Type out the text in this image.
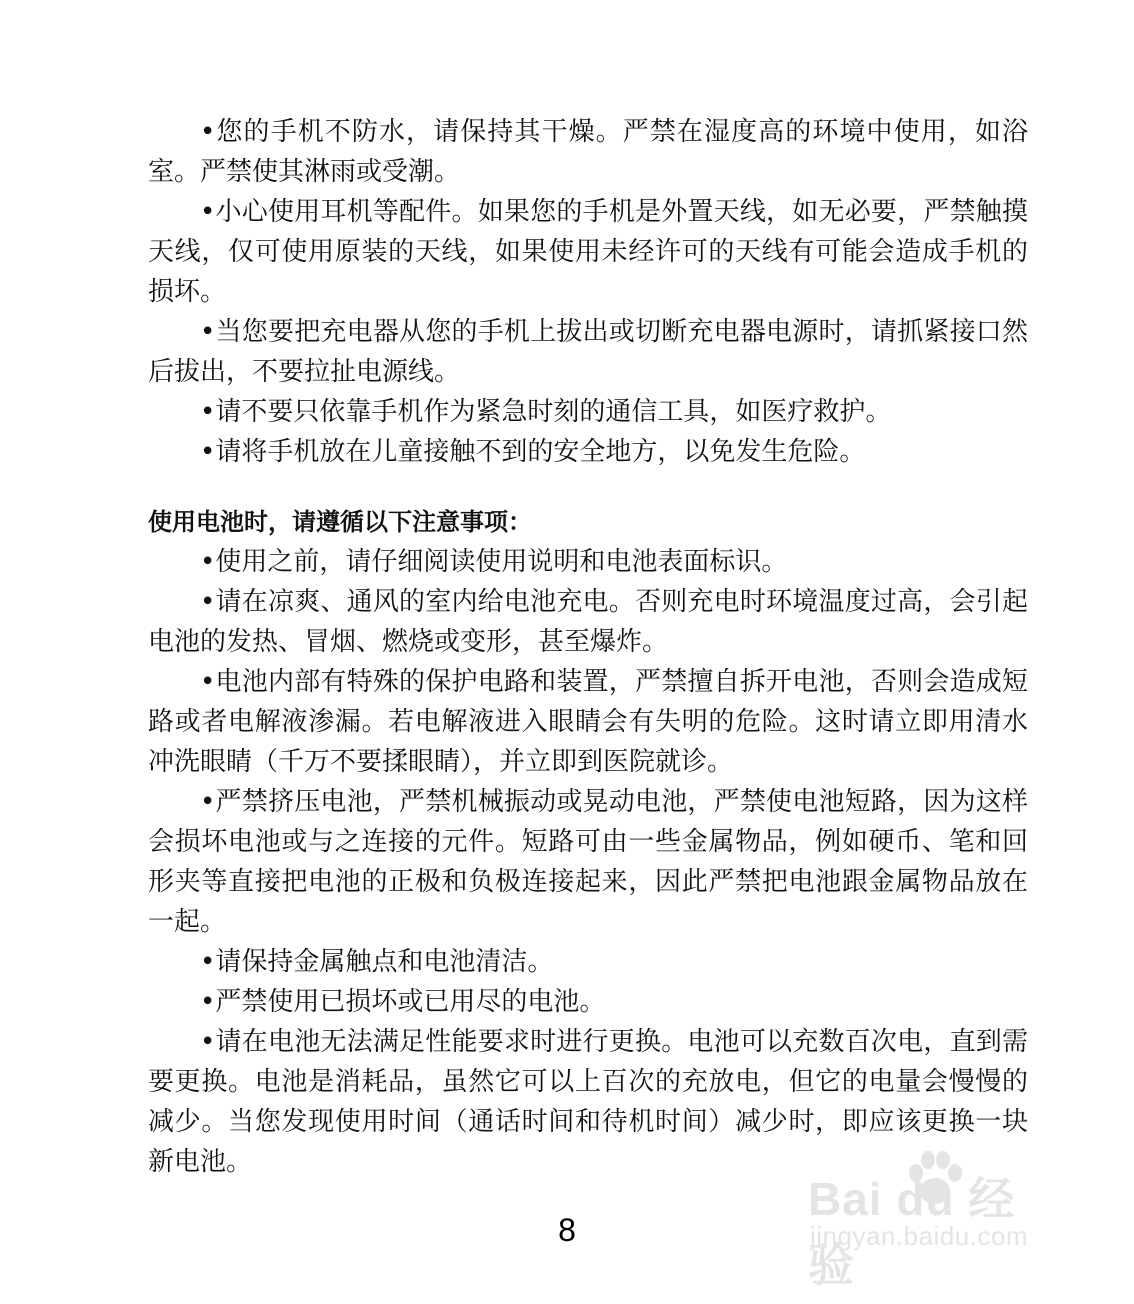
•您的手机不防水，请保持其干燥。严禁在湿度高的环境中使用，如浴室。严禁使其淋雨或受潮。

•小心使用耳机等配件。如果您的手机是外置天线，如无必要，严禁触摸天线，仅可使用原装的天线，如果使用未经许可的天线有可能会造成手机的损坏。

•当您要把充电器从您的手机上拔出或切断充电器电源时，请抓紧接口然后拔出，不要拉扯电源线。

•请不要只依靠手机作为紧急时刻的通信工具，如医疗救护。

•请将手机放在儿童接触不到的安全地方，以免发生危险。

使用电池时，请遵循以下注意事项：

•使用之前，请仔细阅读使用说明和电池表面标识。

•请在凉爽、通风的室内给电池充电。否则充电时环境温度过高，会引起电池的发热、冒烟、燃烧或变形，甚至爆炸。

•电池内部有特殊的保护电路和装置，严禁擅自拆开电池，否则会造成短路或者电解液渗漏。若电解液进入眼睛会有失明的危险。这时请立即用清水冲洗眼睛（千万不要揉眼睛），并立即到医院就诊。

•严禁挤压电池，严禁机械振动或晃动电池，严禁使电池短路，因为这样会损坏电池或与之连接的元件。短路可由一些金属物品，例如硬币、笔和回形夹等直接把电池的正极和负极连接起来，因此严禁把电池跟金属物品放在一起。

•请保持金属触点和电池清洁。

•严禁使用已损坏或已用尽的电池。

•请在电池无法满足性能要求时进行更换。电池可以充数百次电，直到需要更换。电池是消耗品，虽然它可以上百次的充放电，但它的电量会慢慢的减少。当您发现使用时间（通话时间和待机时间）减少时，即应该更换一块新电池。

8
Bai du 经验
jingyan.baidu.com
